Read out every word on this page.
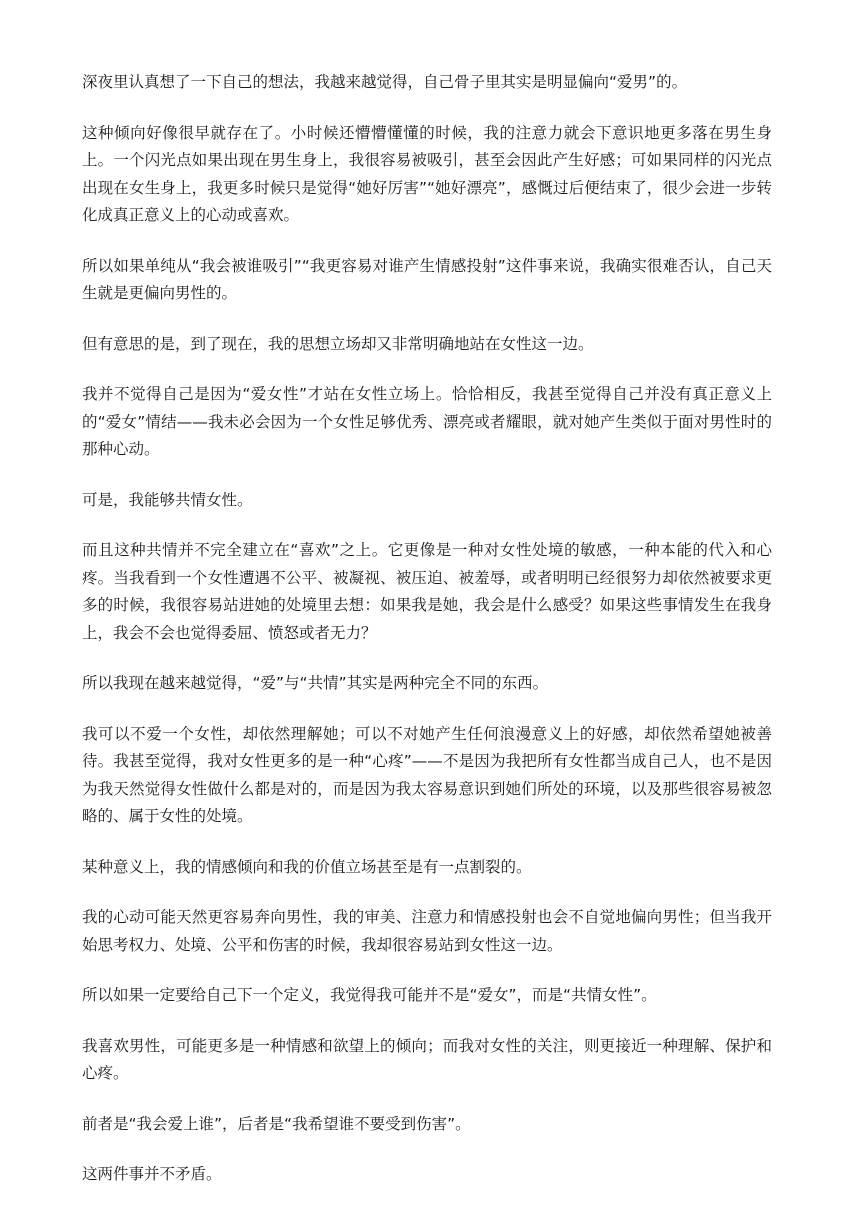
深夜里认真想了一下自己的想法，我越来越觉得，自己骨子里其实是明显偏向“爱男”的。

这种倾向好像很早就存在了。小时候还懵懵懂懂的时候，我的注意力就会下意识地更多落在男生身上。一个闪光点如果出现在男生身上，我很容易被吸引，甚至会因此产生好感；可如果同样的闪光点出现在女生身上，我更多时候只是觉得“她好厉害”“她好漂亮”，感慨过后便结束了，很少会进一步转化成真正意义上的心动或喜欢。

所以如果单纯从“我会被谁吸引”“我更容易对谁产生情感投射”这件事来说，我确实很难否认，自己天生就是更偏向男性的。

但有意思的是，到了现在，我的思想立场却又非常明确地站在女性这一边。

我并不觉得自己是因为“爱女性”才站在女性立场上。恰恰相反，我甚至觉得自己并没有真正意义上的“爱女”情结——我未必会因为一个女性足够优秀、漂亮或者耀眼，就对她产生类似于面对男性时的那种心动。

可是，我能够共情女性。

而且这种共情并不完全建立在“喜欢”之上。它更像是一种对女性处境的敏感，一种本能的代入和心疼。当我看到一个女性遭遇不公平、被凝视、被压迫、被羞辱，或者明明已经很努力却依然被要求更多的时候，我很容易站进她的处境里去想：如果我是她，我会是什么感受？如果这些事情发生在我身上，我会不会也觉得委屈、愤怒或者无力？

所以我现在越来越觉得，“爱”与“共情”其实是两种完全不同的东西。

我可以不爱一个女性，却依然理解她；可以不对她产生任何浪漫意义上的好感，却依然希望她被善待。我甚至觉得，我对女性更多的是一种“心疼”——不是因为我把所有女性都当成自己人，也不是因为我天然觉得女性做什么都是对的，而是因为我太容易意识到她们所处的环境，以及那些很容易被忽略的、属于女性的处境。

某种意义上，我的情感倾向和我的价值立场甚至是有一点割裂的。

我的心动可能天然更容易奔向男性，我的审美、注意力和情感投射也会不自觉地偏向男性；但当我开始思考权力、处境、公平和伤害的时候，我却很容易站到女性这一边。

所以如果一定要给自己下一个定义，我觉得我可能并不是“爱女”，而是“共情女性”。

我喜欢男性，可能更多是一种情感和欲望上的倾向；而我对女性的关注，则更接近一种理解、保护和心疼。

前者是“我会爱上谁”，后者是“我希望谁不要受到伤害”。

这两件事并不矛盾。
